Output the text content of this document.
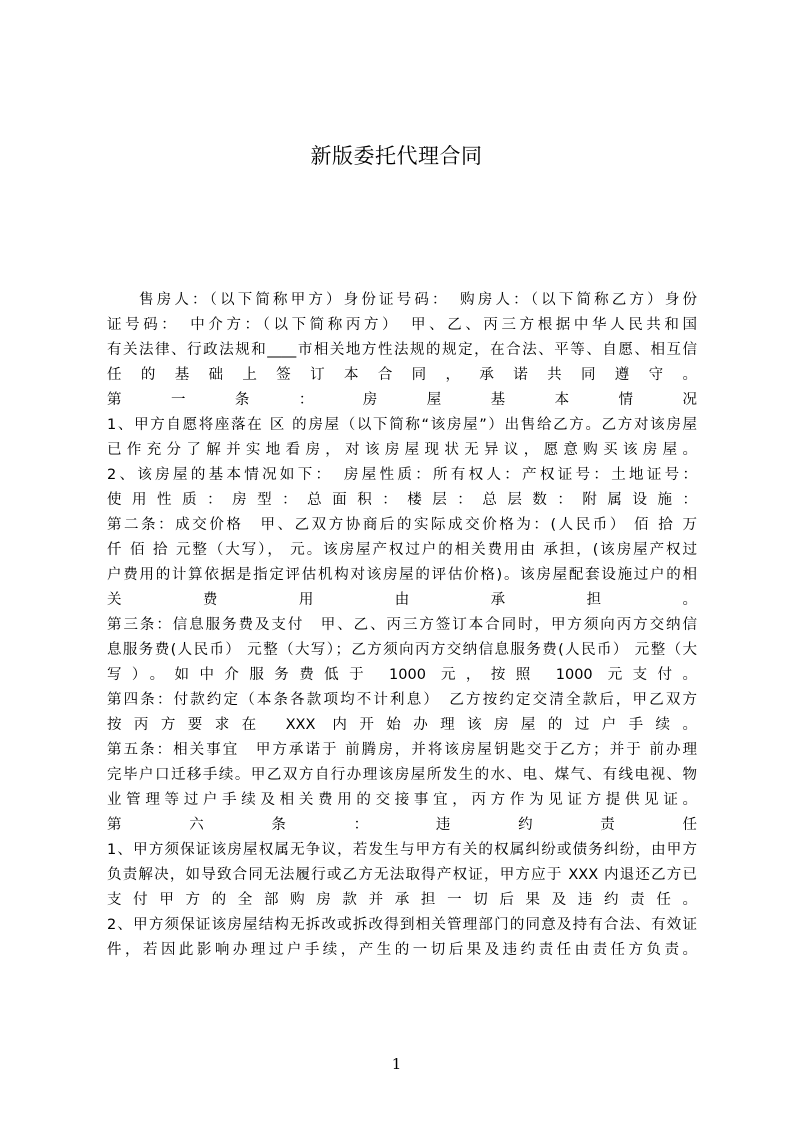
新版委托代理合同
售房人：（以下简称甲方）身份证号码：　购房人：（以下简称乙方）身份
证号码：　中介方：（以下简称丙方）　甲、乙、丙三方根据中华人民共和国
有关法律、行政法规和____市相关地方性法规的规定，在合法、平等、自愿、相互信
任的基础上签订本合同，承诺共同遵守。
第一条：房屋基本情况
1、甲方自愿将座落在 区 的房屋（以下简称“该房屋”）出售给乙方。乙方对该房屋
已作充分了解并实地看房，对该房屋现状无异议，愿意购买该房屋。
2、该房屋的基本情况如下：　房屋性质：所有权人：产权证号：土地证号：
使用性质：房型：总面积：楼层：总层数：附属设施：
第二条：成交价格　甲、乙双方协商后的实际成交价格为：(人民币） 佰 拾 万
仟 佰 拾 元整（大写）， 元。该房屋产权过户的相关费用由 承担，(该房屋产权过
户费用的计算依据是指定评估机构对该房屋的评估价格)。该房屋配套设施过户的相
关费用由承担。
第三条：信息服务费及支付　甲、乙、丙三方签订本合同时，甲方须向丙方交纳信
息服务费(人民币） 元整（大写）；乙方须向丙方交纳信息服务费(人民币） 元整（大
写）。如中介服务费低于 1000 元，按照 1000 元支付。
第四条：付款约定（本条各款项均不计利息）　乙方按约定交清全款后，甲乙双方
按丙方要求在 XXX 内开始办理该房屋的过户手续。
第五条：相关事宜　甲方承诺于 前腾房，并将该房屋钥匙交于乙方；并于 前办理
完毕户口迁移手续。甲乙双方自行办理该房屋所发生的水、电、煤气、有线电视、物
业管理等过户手续及相关费用的交接事宜，丙方作为见证方提供见证。
第六条：违约责任
1、甲方须保证该房屋权属无争议，若发生与甲方有关的权属纠纷或债务纠纷，由甲方
负责解决，如导致合同无法履行或乙方无法取得产权证，甲方应于 XXX 内退还乙方已
支付甲方的全部购房款并承担一切后果及违约责任。
2、甲方须保证该房屋结构无拆改或拆改得到相关管理部门的同意及持有合法、有效证
件，若因此影响办理过户手续，产生的一切后果及违约责任由责任方负责。
1
